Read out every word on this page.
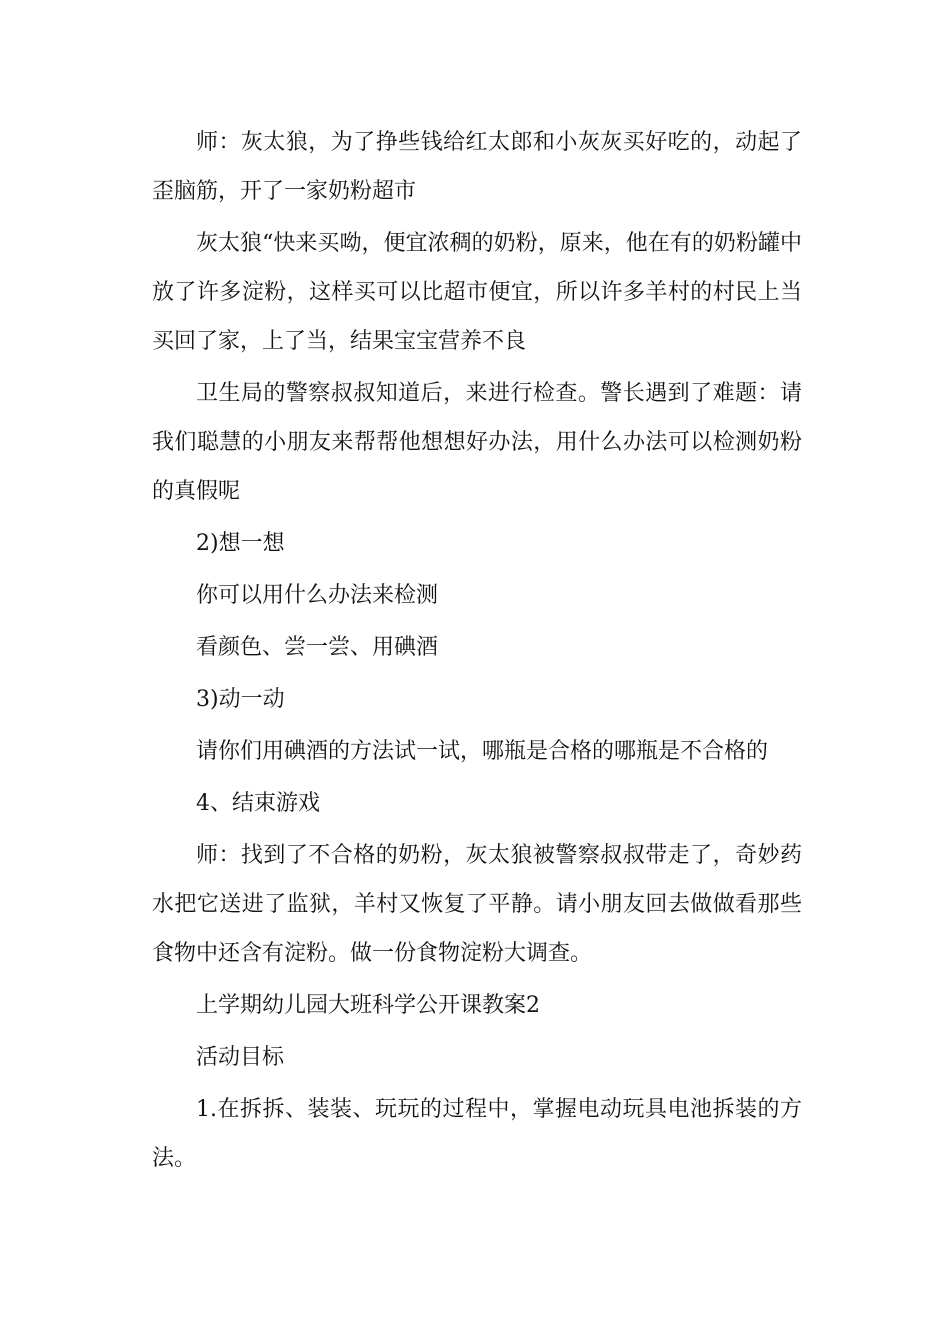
师：灰太狼，为了挣些钱给红太郎和小灰灰买好吃的，动起了歪脑筋，开了一家奶粉超市

灰太狼“快来买呦，便宜浓稠的奶粉，原来，他在有的奶粉罐中放了许多淀粉，这样买可以比超市便宜，所以许多羊村的村民上当买回了家，上了当，结果宝宝营养不良

卫生局的警察叔叔知道后，来进行检查。警长遇到了难题：请我们聪慧的小朋友来帮帮他想想好办法，用什么办法可以检测奶粉的真假呢

2)想一想

你可以用什么办法来检测

看颜色、尝一尝、用碘酒

3)动一动

请你们用碘酒的方法试一试，哪瓶是合格的哪瓶是不合格的

4、结束游戏

师：找到了不合格的奶粉，灰太狼被警察叔叔带走了，奇妙药水把它送进了监狱，羊村又恢复了平静。请小朋友回去做做看那些食物中还含有淀粉。做一份食物淀粉大调查。

上学期幼儿园大班科学公开课教案2

活动目标

1.在拆拆、装装、玩玩的过程中，掌握电动玩具电池拆装的方法。
